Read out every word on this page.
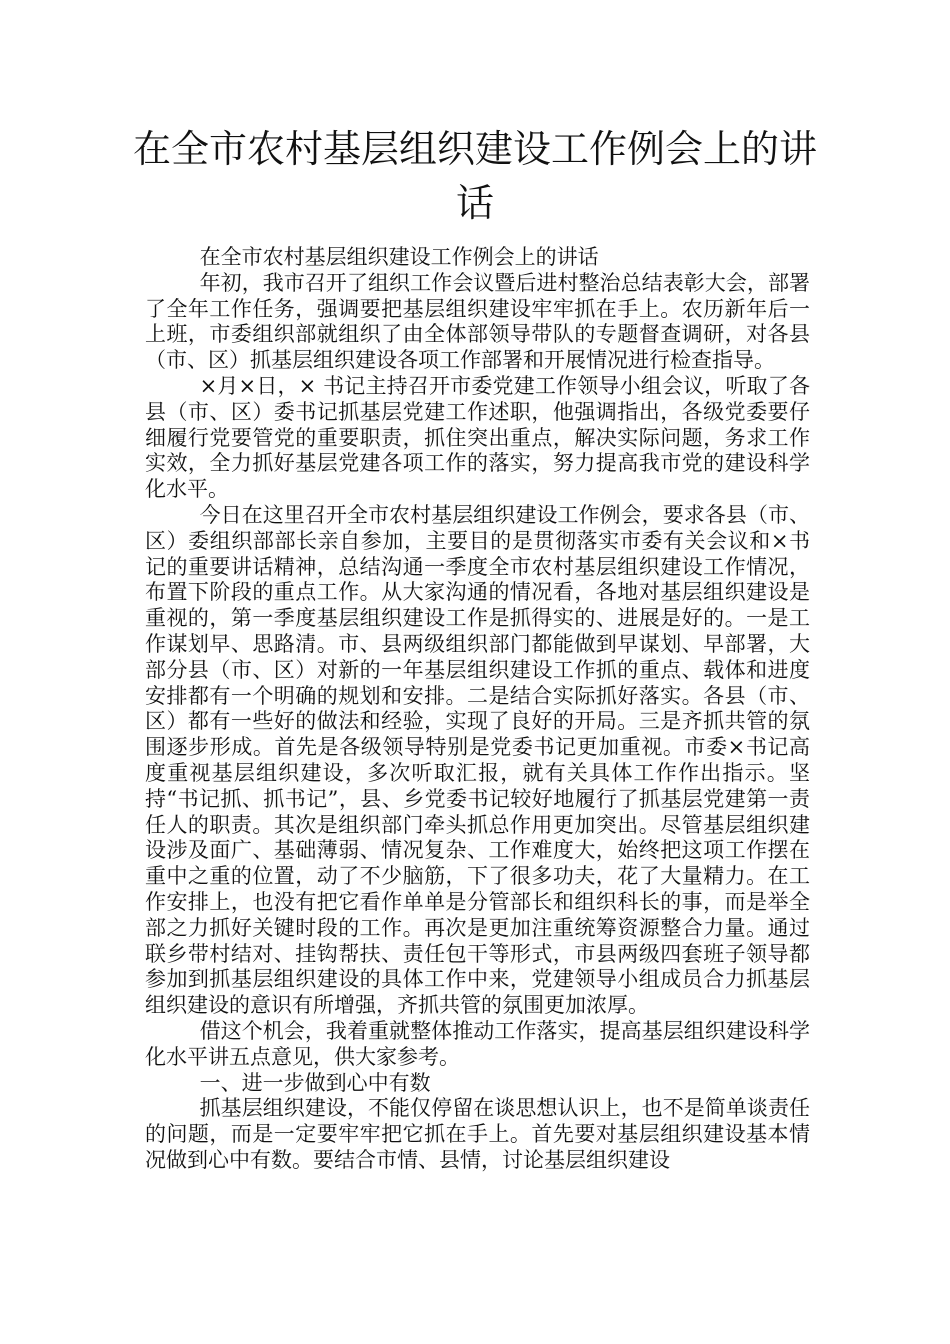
在全市农村基层组织建设工作例会上的讲话

在全市农村基层组织建设工作例会上的讲话

年初，我市召开了组织工作会议暨后进村整治总结表彰大会，部署了全年工作任务，强调要把基层组织建设牢牢抓在手上。农历新年后一上班，市委组织部就组织了由全体部领导带队的专题督查调研，对各县（市、区）抓基层组织建设各项工作部署和开展情况进行检查指导。

×月×日，× 书记主持召开市委党建工作领导小组会议，听取了各县（市、区）委书记抓基层党建工作述职，他强调指出，各级党委要仔细履行党要管党的重要职责，抓住突出重点，解决实际问题，务求工作实效，全力抓好基层党建各项工作的落实，努力提高我市党的建设科学化水平。

今日在这里召开全市农村基层组织建设工作例会，要求各县（市、区）委组织部部长亲自参加，主要目的是贯彻落实市委有关会议和×书记的重要讲话精神，总结沟通一季度全市农村基层组织建设工作情况，布置下阶段的重点工作。从大家沟通的情况看，各地对基层组织建设是重视的，第一季度基层组织建设工作是抓得实的、进展是好的。一是工作谋划早、思路清。市、县两级组织部门都能做到早谋划、早部署，大部分县（市、区）对新的一年基层组织建设工作抓的重点、载体和进度安排都有一个明确的规划和安排。二是结合实际抓好落实。各县（市、区）都有一些好的做法和经验，实现了良好的开局。三是齐抓共管的氛围逐步形成。首先是各级领导特别是党委书记更加重视。市委×书记高度重视基层组织建设，多次听取汇报，就有关具体工作作出指示。坚持“书记抓、抓书记”，县、乡党委书记较好地履行了抓基层党建第一责任人的职责。其次是组织部门牵头抓总作用更加突出。尽管基层组织建设涉及面广、基础薄弱、情况复杂、工作难度大，始终把这项工作摆在重中之重的位置，动了不少脑筋，下了很多功夫，花了大量精力。在工作安排上，也没有把它看作单单是分管部长和组织科长的事，而是举全部之力抓好关键时段的工作。再次是更加注重统筹资源整合力量。通过联乡带村结对、挂钩帮扶、责任包干等形式，市县两级四套班子领导都参加到抓基层组织建设的具体工作中来，党建领导小组成员合力抓基层组织建设的意识有所增强，齐抓共管的氛围更加浓厚。

借这个机会，我着重就整体推动工作落实，提高基层组织建设科学化水平讲五点意见，供大家参考。

一、进一步做到心中有数

抓基层组织建设，不能仅停留在谈思想认识上，也不是简单谈责任的问题，而是一定要牢牢把它抓在手上。首先要对基层组织建设基本情况做到心中有数。要结合市情、县情，讨论基层组织建设
